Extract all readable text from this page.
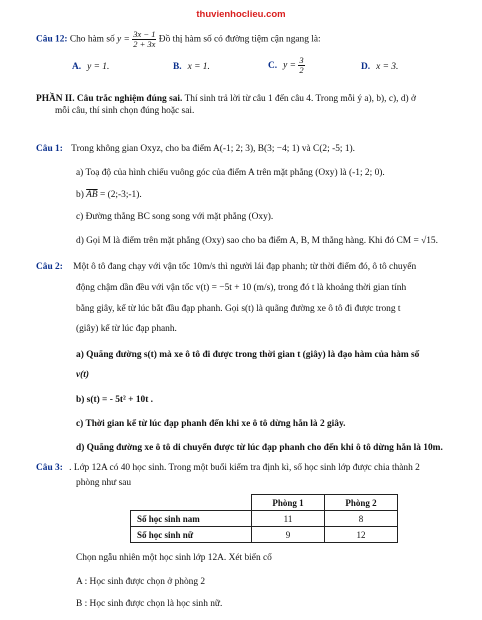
thuvienhoclieu.com
Câu 12: Cho hàm số $y = \frac{3x - 1}{2 + 3x}$ Đồ thị hàm số có đường tiệm cận ngang là:
A. y = 1.	B. x = 1.	C. $y = \frac{3}{2}$	D. x = 3.
PHẦN II. Câu trắc nghiệm đúng sai. Thí sinh trả lời từ câu 1 đến câu 4. Trong mỗi ý a), b), c), d) ở
mỗi câu, thí sinh chọn đúng hoặc sai.
Câu 1: Trong không gian Oxyz, cho ba điểm A(-1; 2; 3), B(3; −4; 1) và C(2; -5; 1).
a) Toạ độ của hình chiếu vuông góc của điểm A trên mặt phẳng (Oxy) là (-1; 2; 0).
b) $\overline{AB}$ = (2;-3;-1).
c) Đường thẳng BC song song với mặt phẳng (Oxy).
d) Gọi M là điểm trên mặt phẳng (Oxy) sao cho ba điểm A, B, M thẳng hàng. Khi đó CM = √15.
Câu 2: Một ô tô đang chạy với vận tốc 10m/s thì người lái đạp phanh; từ thời điểm đó, ô tô chuyển
động chậm dần đều với vận tốc v(t) = −5t + 10 (m/s), trong đó t là khoảng thời gian tính
bằng giây, kể từ lúc bắt đầu đạp phanh. Gọi s(t) là quãng đường xe ô tô đi được trong t
(giây) kể từ lúc đạp phanh.
a) Quãng đường s(t) mà xe ô tô đi được trong thời gian t (giây) là đạo hàm của hàm số
v(t)
b) s(t) = - 5t² + 10t .
c) Thời gian kể từ lúc đạp phanh đến khi xe ô tô dừng hẳn là 2 giây.
d) Quãng đường xe ô tô di chuyển được từ lúc đạp phanh cho đến khi ô tô dừng hẳn là 10m.
Câu 3: . Lớp 12A có 40 học sinh. Trong một buổi kiểm tra định kì, số học sinh lớp được chia thành 2
phòng như sau
	Phòng 1	Phòng 2
Số học sinh nam	11	8
Số học sinh nữ	9	12
Chọn ngẫu nhiên một học sinh lớp 12A. Xét biến cố
A : Học sinh được chọn ở phòng 2
B : Học sinh được chọn là học sinh nữ.
